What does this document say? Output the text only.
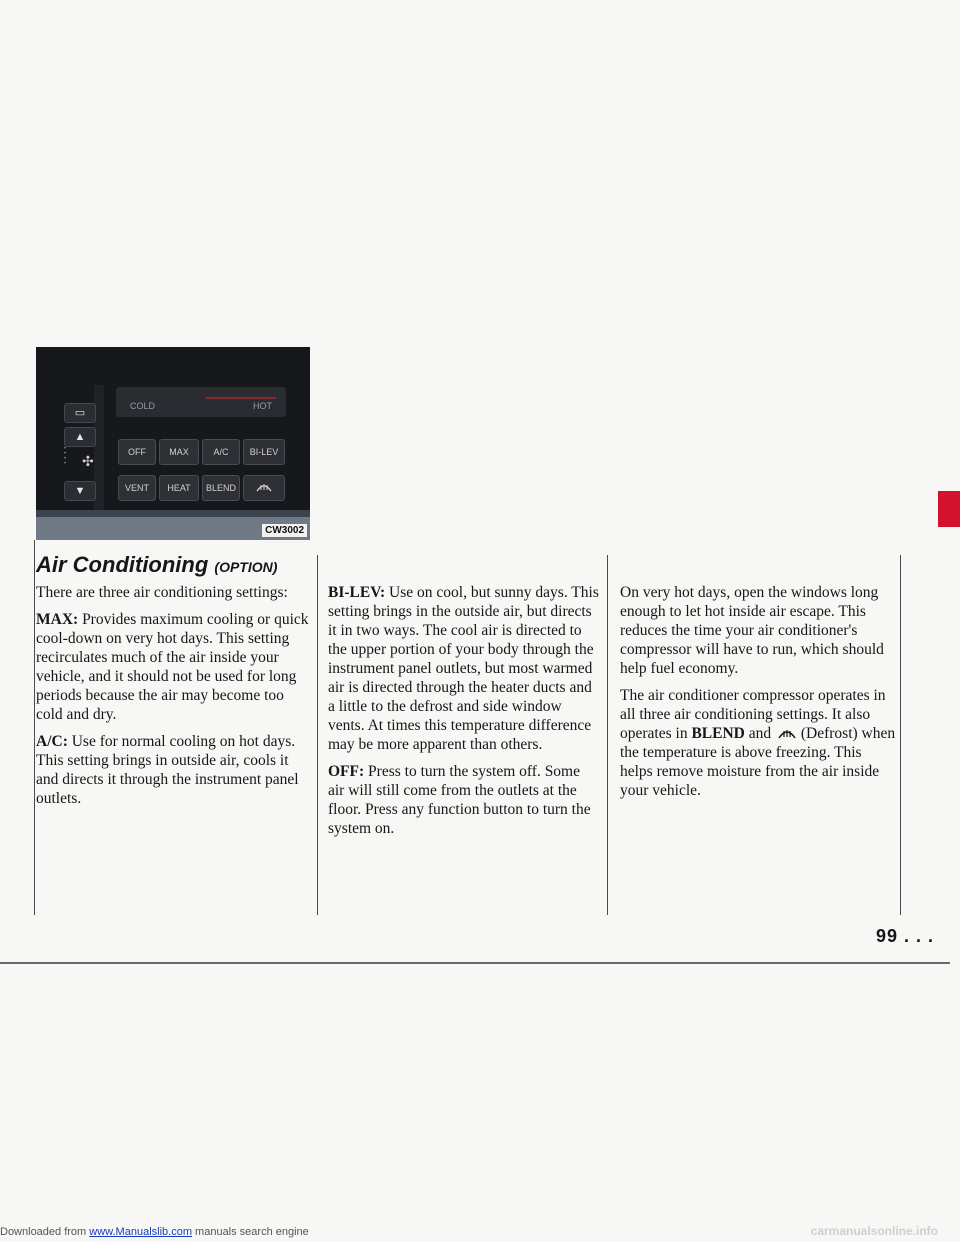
▭
▲
•
•
•
• ✣
▼
COLD	HOT
OFF	MAX	A/C	BI-LEV
VENT	HEAT	BLEND
CW3002
Air Conditioning (OPTION)

There are three air conditioning settings:

MAX: Provides maximum cooling or quick cool-down on very hot days. This setting recirculates much of the air inside your vehicle, and it should not be used for long periods because the air may become too cold and dry.

A/C: Use for normal cooling on hot days. This setting brings in outside air, cools it and directs it through the instrument panel outlets.

BI-LEV: Use on cool, but sunny days. This setting brings in the outside air, but directs it in two ways. The cool air is directed to the upper portion of your body through the instrument panel outlets, but most warmed air is directed through the heater ducts and a little to the defrost and side window vents. At times this temperature difference may be more apparent than others.

OFF: Press to turn the system off. Some air will still come from the outlets at the floor. Press any function button to turn the system on.

On very hot days, open the windows long enough to let hot inside air escape. This reduces the time your air conditioner's compressor will have to run, which should help fuel economy.

The air conditioner compressor operates in all three air conditioning settings. It also operates in BLEND and (Defrost) when the temperature is above freezing. This helps remove moisture from the air inside your vehicle.

99 . . .
Downloaded from www.Manualslib.com manuals search engine	carmanualsonline.info
